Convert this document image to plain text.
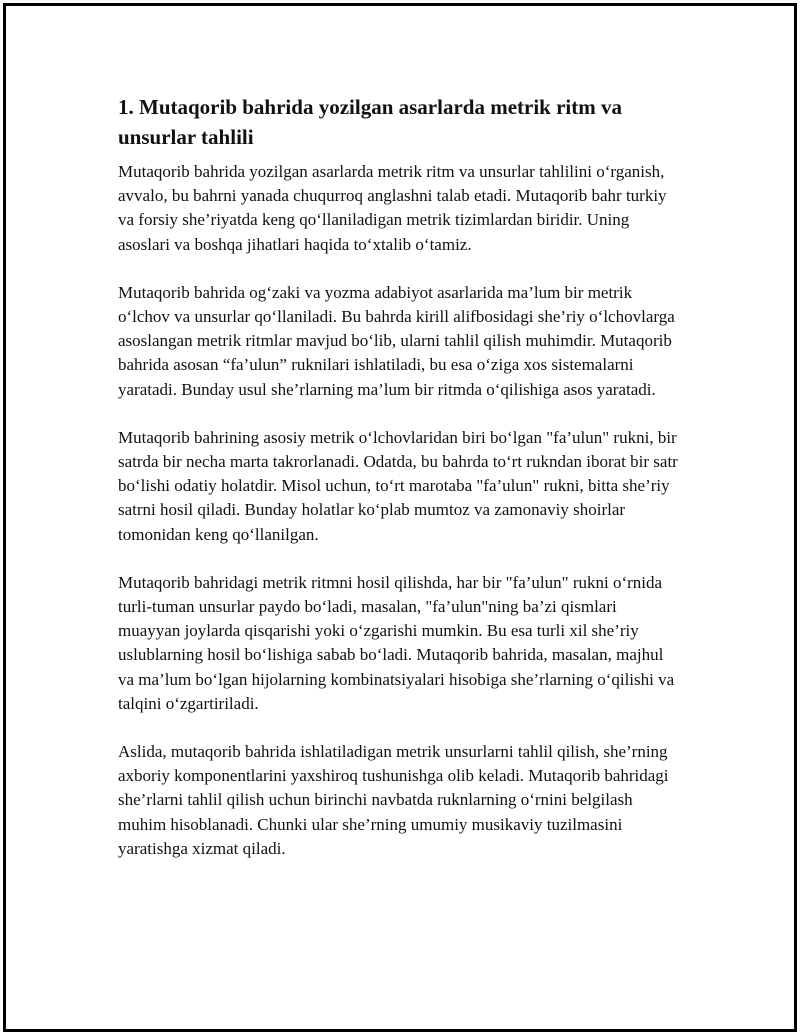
1. Mutaqorib bahrida yozilgan asarlarda metrik ritm va unsurlar tahlili

Mutaqorib bahrida yozilgan asarlarda metrik ritm va unsurlar tahlilini o‘rganish, avvalo, bu bahrni yanada chuqurroq anglashni talab etadi. Mutaqorib bahr turkiy va forsiy she’riyatda keng qo‘llaniladigan metrik tizimlardan biridir. Uning asoslari va boshqa jihatlari haqida to‘xtalib o‘tamiz.

Mutaqorib bahrida og‘zaki va yozma adabiyot asarlarida ma’lum bir metrik o‘lchov va unsurlar qo‘llaniladi. Bu bahrda kirill alifbosidagi she’riy o‘lchovlarga asoslangan metrik ritmlar mavjud bo‘lib, ularni tahlil qilish muhimdir. Mutaqorib bahrida asosan “fa’ulun” ruknilari ishlatiladi, bu esa o‘ziga xos sistemalarni yaratadi. Bunday usul she’rlarning ma’lum bir ritmda o‘qilishiga asos yaratadi.

Mutaqorib bahrining asosiy metrik o‘lchovlaridan biri bo‘lgan "fa’ulun" rukni, bir satrda bir necha marta takrorlanadi. Odatda, bu bahrda to‘rt rukndan iborat bir satr bo‘lishi odatiy holatdir. Misol uchun, to‘rt marotaba "fa’ulun" rukni, bitta she’riy satrni hosil qiladi. Bunday holatlar ko‘plab mumtoz va zamonaviy shoirlar tomonidan keng qo‘llanilgan.

Mutaqorib bahridagi metrik ritmni hosil qilishda, har bir "fa’ulun" rukni o‘rnida turli-tuman unsurlar paydo bo‘ladi, masalan, "fa’ulun"ning ba’zi qismlari muayyan joylarda qisqarishi yoki o‘zgarishi mumkin. Bu esa turli xil she’riy uslublarning hosil bo‘lishiga sabab bo‘ladi. Mutaqorib bahrida, masalan, majhul va ma’lum bo‘lgan hijolarning kombinatsiyalari hisobiga she’rlarning o‘qilishi va talqini o‘zgartiriladi.

Aslida, mutaqorib bahrida ishlatiladigan metrik unsurlarni tahlil qilish, she’rning axboriy komponentlarini yaxshiroq tushunishga olib keladi. Mutaqorib bahridagi she’rlarni tahlil qilish uchun birinchi navbatda ruknlarning o‘rnini belgilash muhim hisoblanadi. Chunki ular she’rning umumiy musikaviy tuzilmasini yaratishga xizmat qiladi.
